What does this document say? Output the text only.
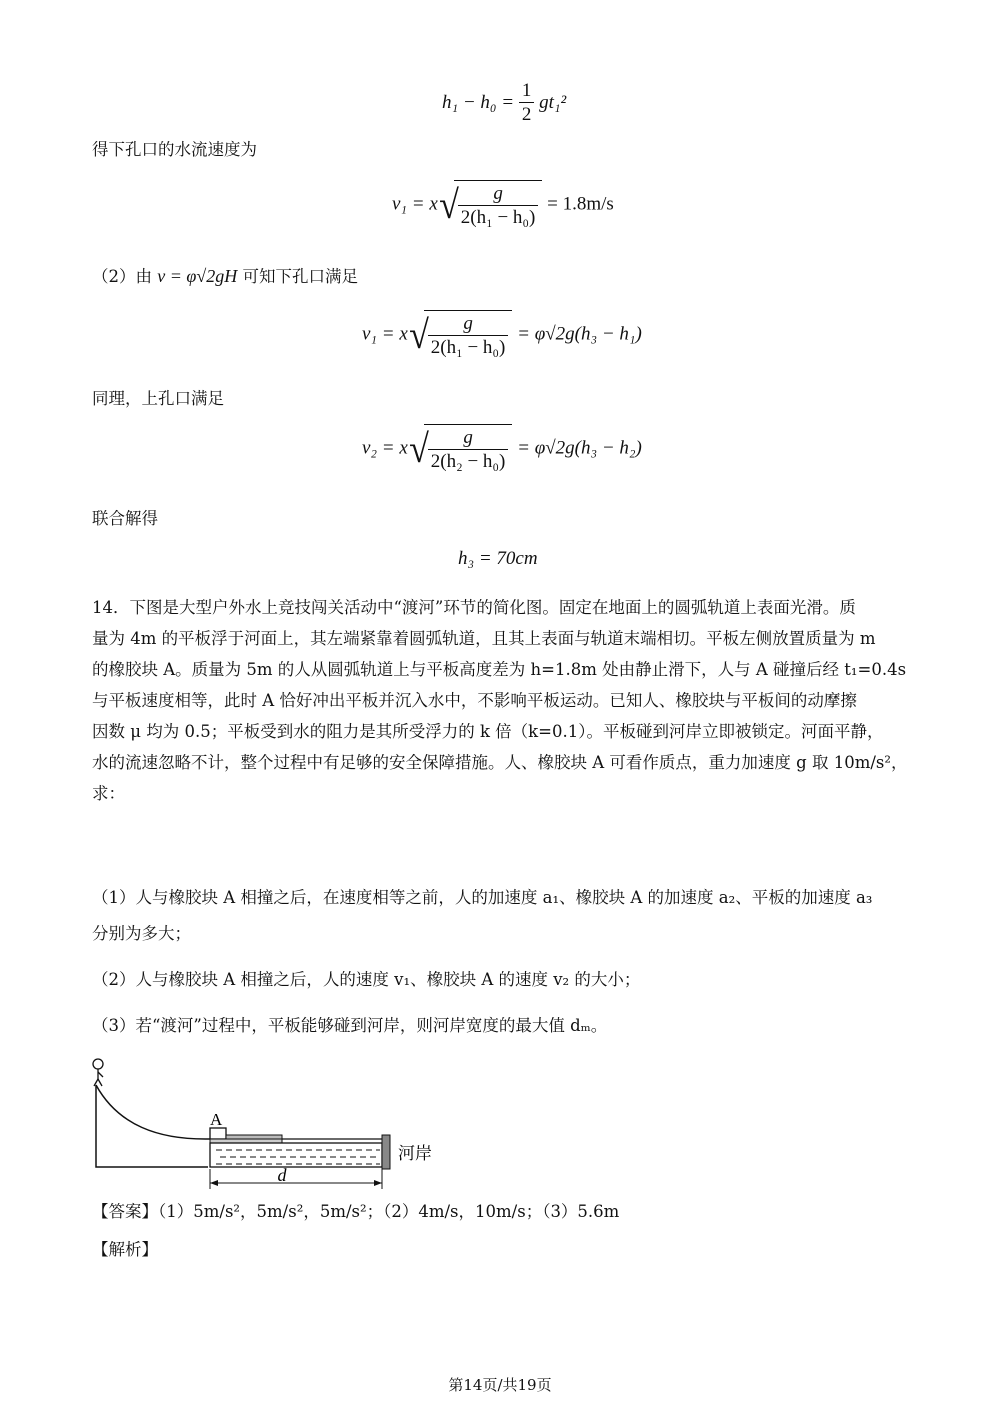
$h_1 - h_0 = \frac{1}{2} gt_1^2$
得下孔口的水流速度为
$v_1 = x√ \frac{g}{\text{2(h₁ − h₀)}} = 1.8m/s$
（2）由 v = φ√2gH 可知下孔口满足
$v_1 = x√ \frac{g}{\text{2(h₁ − h₀)}} = \varphi√2g(h_3 - h_1)$
同理，上孔口满足
$v_2 = x√ \frac{g}{\text{2(h₂ − h₀)}} = \varphi√2g(h_3 - h_2)$
联合解得
h₃ = 70cm
14．下图是大型户外水上竞技闯关活动中“渡河”环节的简化图。固定在地面上的圆弧轨道上表面光滑。质
量为 4m 的平板浮于河面上，其左端紧靠着圆弧轨道，且其上表面与轨道末端相切。平板左侧放置质量为 m
的橡胶块 A。质量为 5m 的人从圆弧轨道上与平板高度差为 h=1.8m 处由静止滑下，人与 A 碰撞后经 t₁=0.4s
与平板速度相等，此时 A 恰好冲出平板并沉入水中，不影响平板运动。已知人、橡胶块与平板间的动摩擦
因数 μ 均为 0.5；平板受到水的阻力是其所受浮力的 k 倍（k=0.1）。平板碰到河岸立即被锁定。河面平静，
水的流速忽略不计，整个过程中有足够的安全保障措施。人、橡胶块 A 可看作质点，重力加速度 g 取 10m/s²，
求：
（1）人与橡胶块 A 相撞之后，在速度相等之前，人的加速度 a₁、橡胶块 A 的加速度 a₂、平板的加速度 a₃
分别为多大；
（2）人与橡胶块 A 相撞之后，人的速度 v₁、橡胶块 A 的速度 v₂ 的大小；
（3）若“渡河”过程中，平板能够碰到河岸，则河岸宽度的最大值 dₘ。
A
河岸
d
【答案】（1）5m/s²，5m/s²，5m/s²；（2）4m/s，10m/s；（3）5.6m
【解析】
第14页/共19页
